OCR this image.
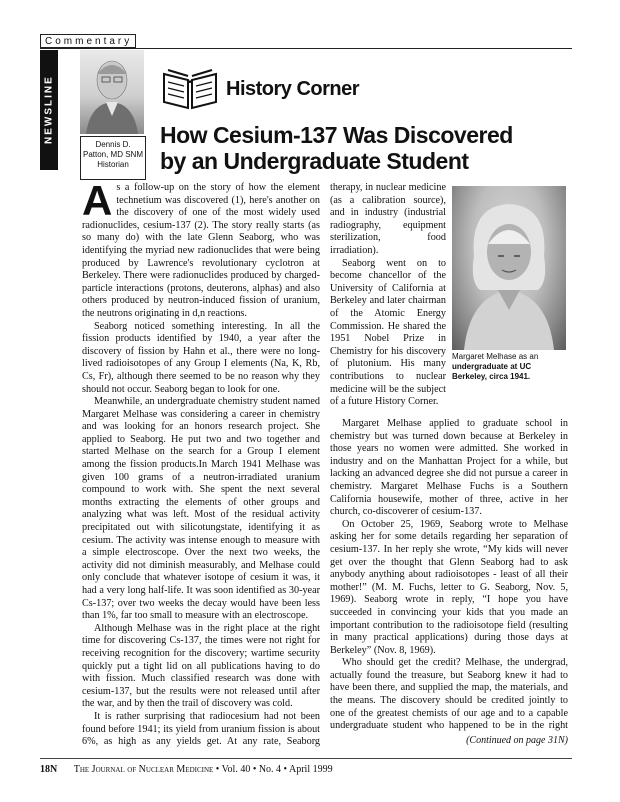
Commentary
NEWSLINE
Dennis D.
Patton, MD SNM
Historian
History Corner
How Cesium-137 Was Discovered
by an Undergraduate Student

As a follow-up on the story of how the element technetium was discovered (1), here's another on the discovery of one of the most widely used radionuclides, cesium-137 (2). The story really starts (as so many do) with the late Glenn Seaborg, who was identifying the myriad new radionuclides that were being produced by Lawrence's revolutionary cyclotron at Berkeley. There were radionuclides produced by charged-particle interactions (protons, deuterons, alphas) and also others produced by neutron-induced fission of uranium, the neutrons originating in d,n reactions.

Seaborg noticed something interesting. In all the fission products identified by 1940, a year after the discovery of fission by Hahn et al., there were no long-lived radioisotopes of any Group I elements (Na, K, Rb, Cs, Fr), although there seemed to be no reason why they should not occur. Seaborg began to look for one.

Meanwhile, an undergraduate chemistry student named Margaret Melhase was considering a career in chemistry and was looking for an honors research project. She applied to Seaborg. He put two and two together and started Melhase on the search for a Group I element among the fission products.In March 1941 Melhase was given 100 grams of a neutron-irradiated uranium compound to work with. She spent the next several months extracting the elements of other groups and analyzing what was left. Most of the residual activity precipitated out with silicotungstate, identifying it as cesium. The activity was intense enough to measure with a simple electroscope. Over the next two weeks, the activity did not diminish measurably, and Melhase could only conclude that whatever isotope of cesium it was, it had a very long half-life. It was soon identified as 30-year Cs-137; over two weeks the decay would have been less than 1%, far too small to measure with an electroscope.

Although Melhase was in the right place at the right time for discovering Cs-137, the times were not right for receiving recognition for the discovery; wartime security quickly put a tight lid on all publications having to do with fission. Much classified research was done with cesium-137, but the results were not released until after the war, and by then the trail of discovery was cold.

It is rather surprising that radiocesium had not been found before 1941; its yield from uranium fission is about 6%, as high as any yields get. At any rate, Seaborg

therapy, in nuclear medicine (as a calibration source), and in industry (industrial radiography, equipment sterilization, food irradiation).

Seaborg went on to become chancellor of the University of California at Berkeley and later chairman of the Atomic Energy Commission. He shared the 1951 Nobel Prize in Chemistry for his discovery of plutonium. His many contributions to nuclear medicine will be the subject of a future History Corner.

Margaret Melhase as an
undergraduate at UC
Berkeley, circa 1941.

Margaret Melhase applied to graduate school in chemistry but was turned down because at Berkeley in those years no women were admitted. She worked in industry and on the Manhattan Project for a while, but lacking an advanced degree she did not pursue a career in chemistry. Margaret Melhase Fuchs is a Southern California housewife, mother of three, active in her church, co-discoverer of cesium-137.

On October 25, 1969, Seaborg wrote to Melhase asking her for some details regarding her separation of cesium-137. In her reply she wrote, “My kids will never get over the thought that Glenn Seaborg had to ask anybody anything about radioisotopes - least of all their mother!” (M. M. Fuchs, letter to G. Seaborg, Nov. 5, 1969). Seaborg wrote in reply, “I hope you have succeeded in convincing your kids that you made an important contribution to the radioisotope field (resulting in many practical applications) during those days at Berkeley” (Nov. 8, 1969).

Who should get the credit? Melhase, the undergrad, actually found the treasure, but Seaborg knew it had to have been there, and supplied the map, the materials, and the means. The discovery should be credited jointly to one of the greatest chemists of our age and to a capable undergraduate student who happened to be in the right

(Continued on page 31N)
18N The Journal of Nuclear Medicine • Vol. 40 • No. 4 • April 1999
